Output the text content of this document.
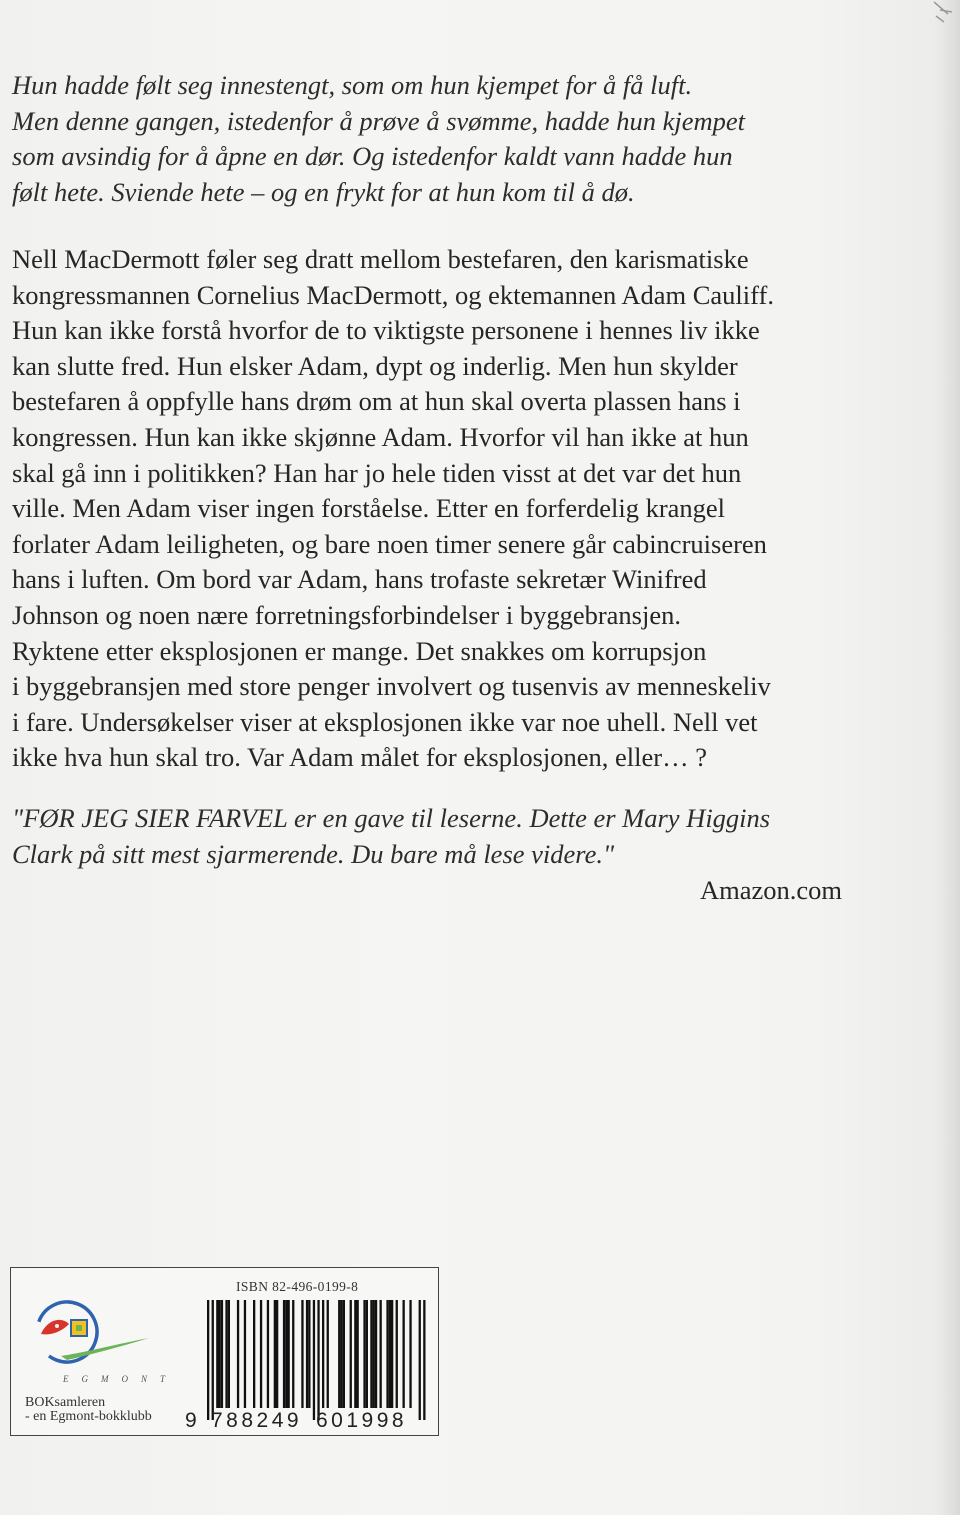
Hun hadde følt seg innestengt, som om hun kjempet for å få luft.

Men denne gangen, istedenfor å prøve å svømme, hadde hun kjempet

som avsindig for å åpne en dør. Og istedenfor kaldt vann hadde hun

følt hete. Sviende hete – og en frykt for at hun kom til å dø.

Nell MacDermott føler seg dratt mellom bestefaren, den karismatiske

kongressmannen Cornelius MacDermott, og ektemannen Adam Cauliff.

Hun kan ikke forstå hvorfor de to viktigste personene i hennes liv ikke

kan slutte fred. Hun elsker Adam, dypt og inderlig. Men hun skylder

bestefaren å oppfylle hans drøm om at hun skal overta plassen hans i

kongressen. Hun kan ikke skjønne Adam. Hvorfor vil han ikke at hun

skal gå inn i politikken? Han har jo hele tiden visst at det var det hun

ville. Men Adam viser ingen forståelse. Etter en forferdelig krangel

forlater Adam leiligheten, og bare noen timer senere går cabincruiseren

hans i luften. Om bord var Adam, hans trofaste sekretær Winifred

Johnson og noen nære forretningsforbindelser i byggebransjen.

Ryktene etter eksplosjonen er mange. Det snakkes om korrupsjon

i byggebransjen med store penger involvert og tusenvis av menneskeliv

i fare. Undersøkelser viser at eksplosjonen ikke var noe uhell. Nell vet

ikke hva hun skal tro. Var Adam målet for eksplosjonen, eller… ?

"FØR JEG SIER FARVEL er en gave til leserne. Dette er Mary Higgins

Clark på sitt mest sjarmerende. Du bare må lese videre."

Amazon.com
EGMONT
BOKsamleren
- en Egmont-bokklubb
ISBN 82-496-0199-8
9 788249 601998
